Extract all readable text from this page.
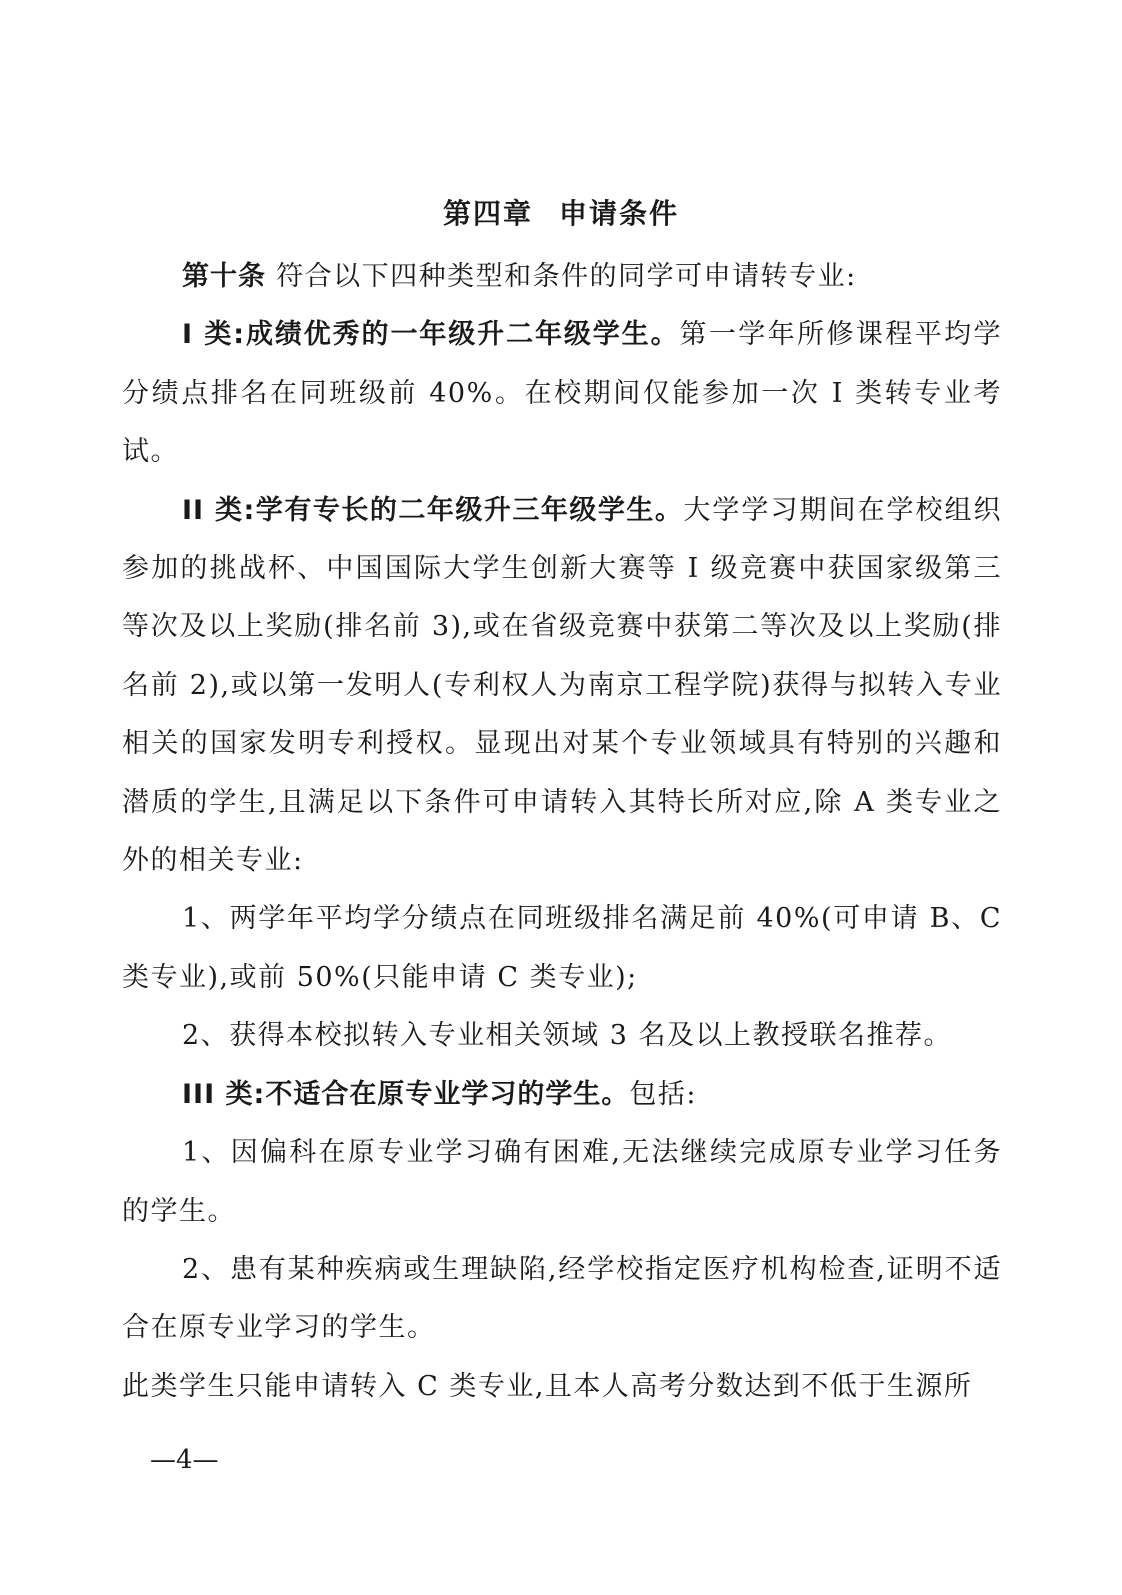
第四章 申请条件

第十条 符合以下四种类型和条件的同学可申请转专业:

I 类:成绩优秀的一年级升二年级学生。第一学年所修课程平均学分绩点排名在同班级前 40%。在校期间仅能参加一次 I 类转专业考试。

II 类:学有专长的二年级升三年级学生。大学学习期间在学校组织参加的挑战杯、中国国际大学生创新大赛等 I 级竞赛中获国家级第三等次及以上奖励(排名前 3),或在省级竞赛中获第二等次及以上奖励(排名前 2),或以第一发明人(专利权人为南京工程学院)获得与拟转入专业相关的国家发明专利授权。显现出对某个专业领域具有特别的兴趣和潜质的学生,且满足以下条件可申请转入其特长所对应,除 A 类专业之外的相关专业:

1、两学年平均学分绩点在同班级排名满足前 40%(可申请 B、C 类专业),或前 50%(只能申请 C 类专业);

2、获得本校拟转入专业相关领域 3 名及以上教授联名推荐。

III 类:不适合在原专业学习的学生。包括:

1、因偏科在原专业学习确有困难,无法继续完成原专业学习任务的学生。

2、患有某种疾病或生理缺陷,经学校指定医疗机构检查,证明不适合在原专业学习的学生。

此类学生只能申请转入 C 类专业,且本人高考分数达到不低于生源所

—4—
